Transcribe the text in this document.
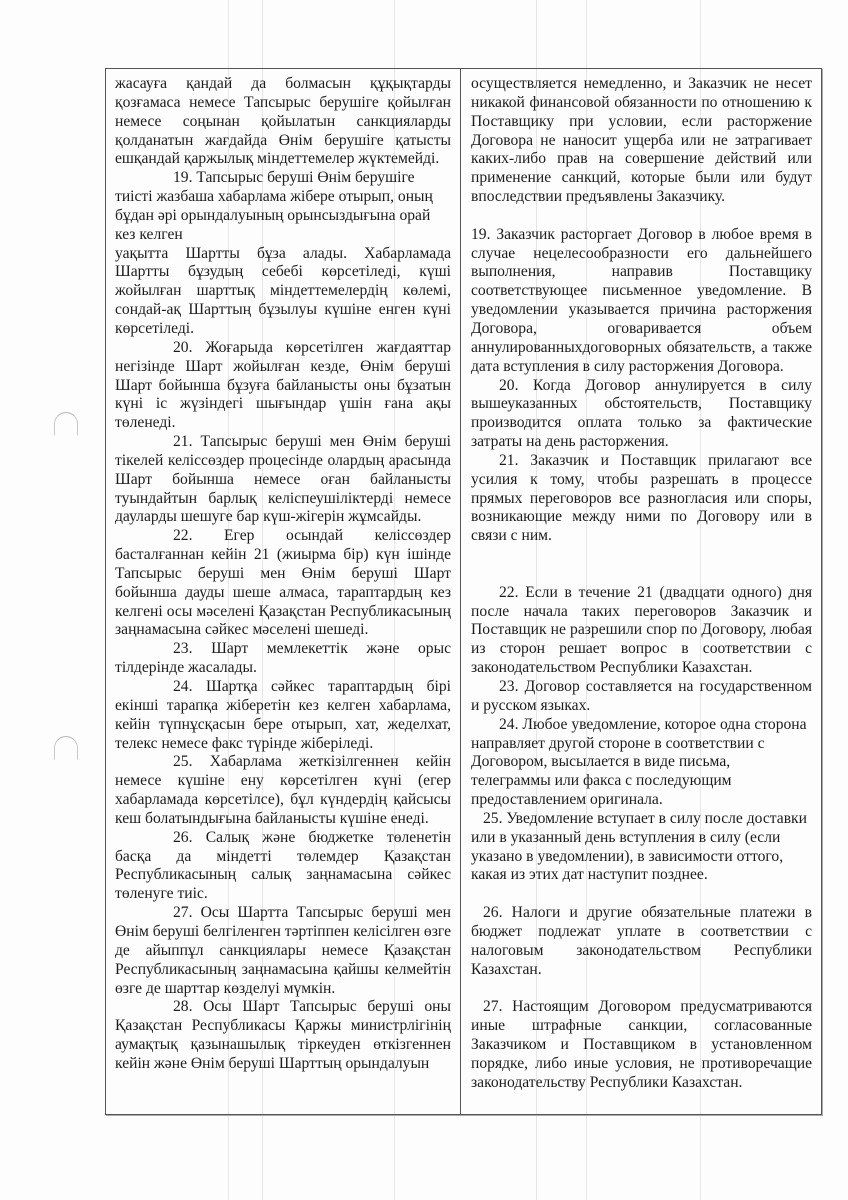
жасауға қандай да болмасын құқықтарды қозғамаса немесе Тапсырыс берушіге қойылған немесе соңынан қойылатын санкцияларды қолданатын жағдайда Өнім берушіге қатысты ешқандай қаржылық міндеттемелер жүктемейді.

19. Тапсырыс беруші Өнім берушіге тиісті жазбаша хабарлама жібере отырып, оның бұдан әрі орындалуының орынсыздығына орай кез келген

уақытта Шартты бұза алады. Хабарламада Шартты бұзудың себебі көрсетіледі, күші жойылған шарттық міндеттемелердің көлемі, сондай-ақ Шарттың бұзылуы күшіне енген күні көрсетіледі.

20. Жоғарыда көрсетілген жағдаяттар негізінде Шарт жойылған кезде, Өнім беруші Шарт бойынша бұзуға байланысты оны бұзатын күні іс жүзіндегі шығындар үшін ғана ақы төленеді.

21. Тапсырыс беруші мен Өнім беруші тікелей келіссөздер процесінде олардың арасында Шарт бойынша немесе оған байланысты туындайтын барлық келіспеушіліктерді немесе дауларды шешуге бар күш-жігерін жұмсайды.

22. Егер осындай келіссөздер басталғаннан кейін 21 (жиырма бір) күн ішінде Тапсырыс беруші мен Өнім беруші Шарт бойынша дауды шеше алмаса, тараптардың кез келгені осы мәселені Қазақстан Республикасының заңнамасына сәйкес мәселені шешеді.

23. Шарт мемлекеттік және орыс тілдерінде жасалады.

24. Шартқа сәйкес тараптардың бірі екінші тарапқа жіберетін кез келген хабарлама, кейін түпнұсқасын бере отырып, хат, жеделхат, телекс немесе факс түрінде жіберіледі.

25. Хабарлама жеткізілгеннен кейін немесе күшіне ену көрсетілген күні (егер хабарламада көрсетілсе), бұл күндердің қайсысы кеш болатындығына байланысты күшіне енеді.

26. Салық және бюджетке төленетін басқа да міндетті төлемдер Қазақстан Республикасының салық заңнамасына сәйкес төленуге тиіс.

27. Осы Шартта Тапсырыс беруші мен Өнім беруші белгіленген тәртіппен келісілген өзге де айыппұл санкциялары немесе Қазақстан Республикасының заңнамасына қайшы келмейтін өзге де шарттар көзделуі мүмкін.

28. Осы Шарт Тапсырыс беруші оны Қазақстан Республикасы Қаржы министрлігінің аумақтық қазынашылық тіркеуден өткізгеннен кейін және Өнім беруші Шарттың орындалуын

осуществляется немедленно, и Заказчик не несет никакой финансовой обязанности по отношению к Поставщику при условии, если расторжение Договора не наносит ущерба или не затрагивает каких-либо прав на совершение действий или применение санкций, которые были или будут впоследствии предъявлены Заказчику.

19. Заказчик расторгает Договор в любое время в случае нецелесообразности его дальнейшего выполнения, направив Поставщику соответствующее письменное уведомление. В уведомлении указывается причина расторжения Договора, оговаривается объем аннулированныхдоговорных обязательств, а также дата вступления в силу расторжения Договора.

20. Когда Договор аннулируется в силу вышеуказанных обстоятельств, Поставщику производится оплата только за фактические затраты на день расторжения.

21. Заказчик и Поставщик прилагают все усилия к тому, чтобы разрешать в процессе прямых переговоров все разногласия или споры, возникающие между ними по Договору или в связи с ним.

22. Если в течение 21 (двадцати одного) дня после начала таких переговоров Заказчик и Поставщик не разрешили спор по Договору, любая из сторон решает вопрос в соответствии с законодательством Республики Казахстан.

23. Договор составляется на государственном и русском языках.

24. Любое уведомление, которое одна сторона направляет другой стороне в соответствии с Договором, высылается в виде письма, телеграммы или факса с последующим предоставлением оригинала.

25. Уведомление вступает в силу после доставки или в указанный день вступления в силу (если указано в уведомлении), в зависимости оттого, какая из этих дат наступит позднее.

26. Налоги и другие обязательные платежи в бюджет подлежат уплате в соответствии с налоговым законодательством Республики Казахстан.

27. Настоящим Договором предусматриваются иные штрафные санкции, согласованные Заказчиком и Поставщиком в установленном порядке, либо иные условия, не противоречащие законодательству Республики Казахстан.
